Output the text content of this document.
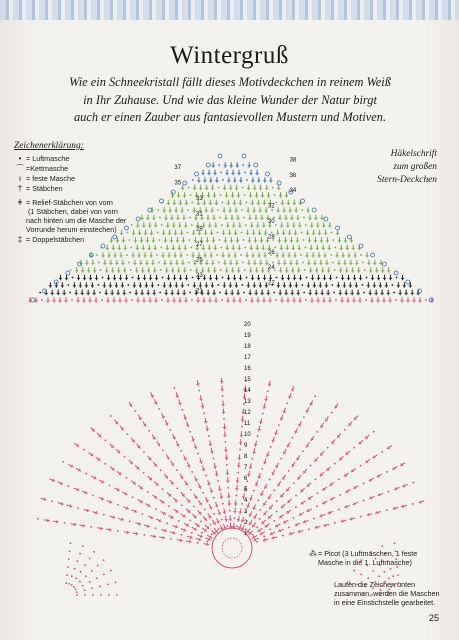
Wintergruß
Wie ein Schneekristall fällt dieses Motivdeckchen in reinem Weiß
in Ihr Zuhause. Und wie das kleine Wunder der Natur birgt
auch er einen Zauber aus fantasievollen Mustern und Motiven.
Zeichenerklärung:
• = Luftmasche
⌒ =Kettmasche
ı = feste Masche
† = Stäbchen
ǂ = Relief-Stäbchen von vorn
(1 Stäbchen, dabei von vorn
nach hinten um die Masche der
Vorrunde herum einstechen)
‡ = Doppelstäbchen
Häkelschrift
zum großen
Stern-Deckchen
1
2
3
4
5
6
7
8
9
10
11
12
13
14
15
16
17
18
19
20
21
22
23
24
25
26
27
28
29
30
31
32
33
34
35
36
37
38
⁂ = Picot (3 Luftmaschen, 1 feste
Masche in die 1. Luftmasche)
Laufen die Zeichen unten
zusammen, werden die Maschen
in eine Einstichstelle gearbeitet.
25
